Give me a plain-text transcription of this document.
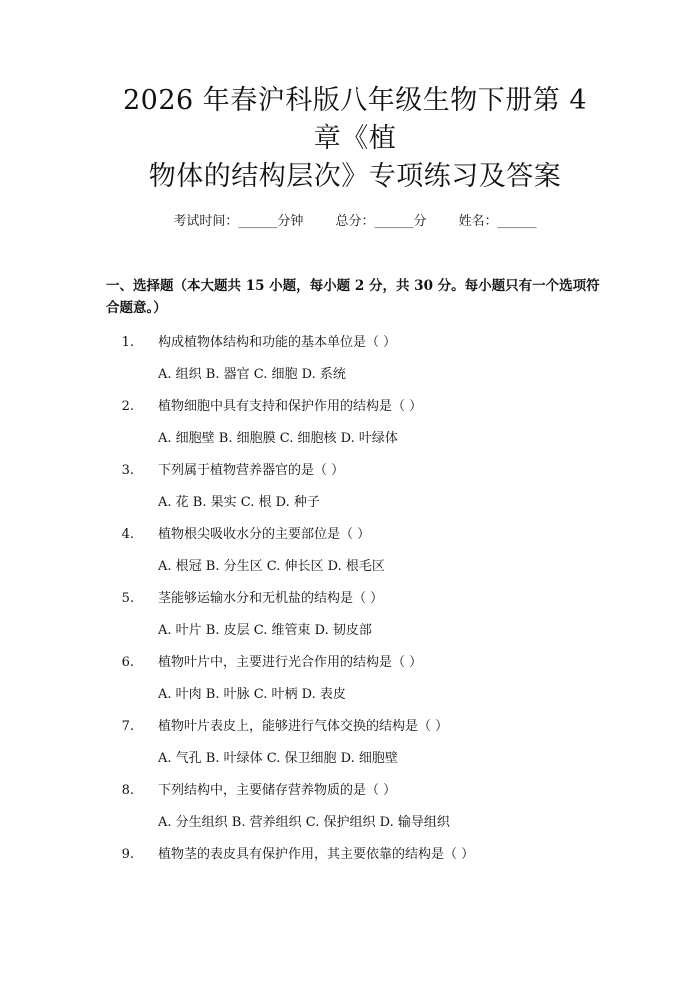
2026 年春沪科版八年级生物下册第 4 章《植
物体的结构层次》专项练习及答案
考试时间：______分钟 总分：______分 姓名：______
一、选择题（本大题共 15 小题，每小题 2 分，共 30 分。每小题只有一个选项符合题意。）
1.	构成植物体结构和功能的基本单位是（ ）
A. 组织 B. 器官 C. 细胞 D. 系统
2.	植物细胞中具有支持和保护作用的结构是（ ）
A. 细胞壁 B. 细胞膜 C. 细胞核 D. 叶绿体
3.	下列属于植物营养器官的是（ ）
A. 花 B. 果实 C. 根 D. 种子
4.	植物根尖吸收水分的主要部位是（ ）
A. 根冠 B. 分生区 C. 伸长区 D. 根毛区
5.	茎能够运输水分和无机盐的结构是（ ）
A. 叶片 B. 皮层 C. 维管束 D. 韧皮部
6.	植物叶片中，主要进行光合作用的结构是（ ）
A. 叶肉 B. 叶脉 C. 叶柄 D. 表皮
7.	植物叶片表皮上，能够进行气体交换的结构是（ ）
A. 气孔 B. 叶绿体 C. 保卫细胞 D. 细胞壁
8.	下列结构中，主要储存营养物质的是（ ）
A. 分生组织 B. 营养组织 C. 保护组织 D. 输导组织
9.	植物茎的表皮具有保护作用，其主要依靠的结构是（ ）
